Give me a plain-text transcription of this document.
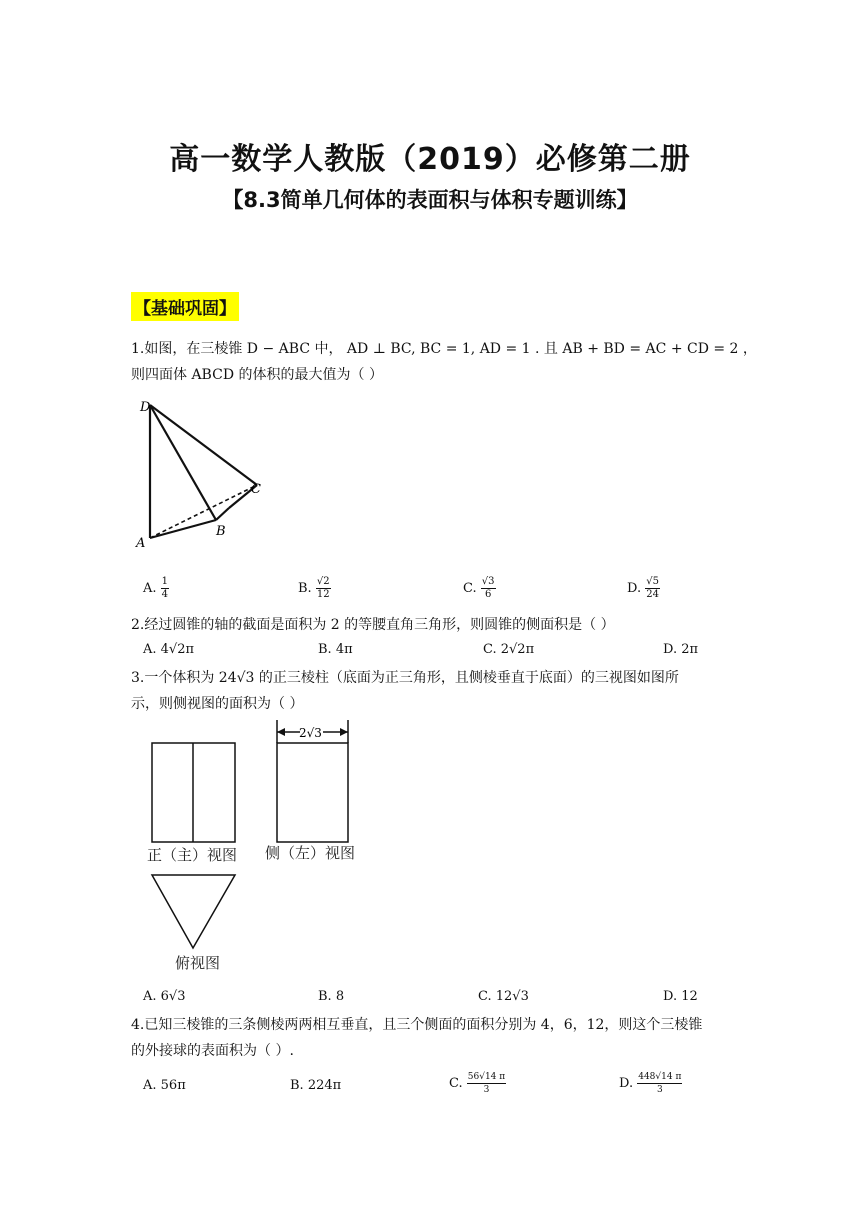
高一数学人教版（2019）必修第二册
【8.3简单几何体的表面积与体积专题训练】
【基础巩固】
1.如图，在三棱锥 D − ABC 中， AD ⊥ BC, BC = 1, AD = 1 . 且 AB + BD = AC + CD = 2 ，
则四面体 ABCD 的体积的最大值为（ ）
D
A
B
C
A. $\frac{1}{4}$	B. $\frac{√2}{12}$	C. $\frac{√3}{6}$	D. $\frac{√5}{24}$
2.经过圆锥的轴的截面是面积为 2 的等腰直角三角形，则圆锥的侧面积是（ ）
A. 4√2π	B. 4π	C. 2√2π	D. 2π
3.一个体积为 24√3 的正三棱柱（底面为正三角形，且侧棱垂直于底面）的三视图如图所
示，则侧视图的面积为（ ）
正（主）视图
2√3
侧（左）视图
俯视图
A. 6√3	B. 8	C. 12√3	D. 12
4.已知三棱锥的三条侧棱两两相互垂直，且三个侧面的面积分别为 4，6，12，则这个三棱锥
的外接球的表面积为（ ）.
A. 56π	B. 224π	C. $\frac{56√14 \pi}{3}$	D. $\frac{448√14 \pi}{3}$
